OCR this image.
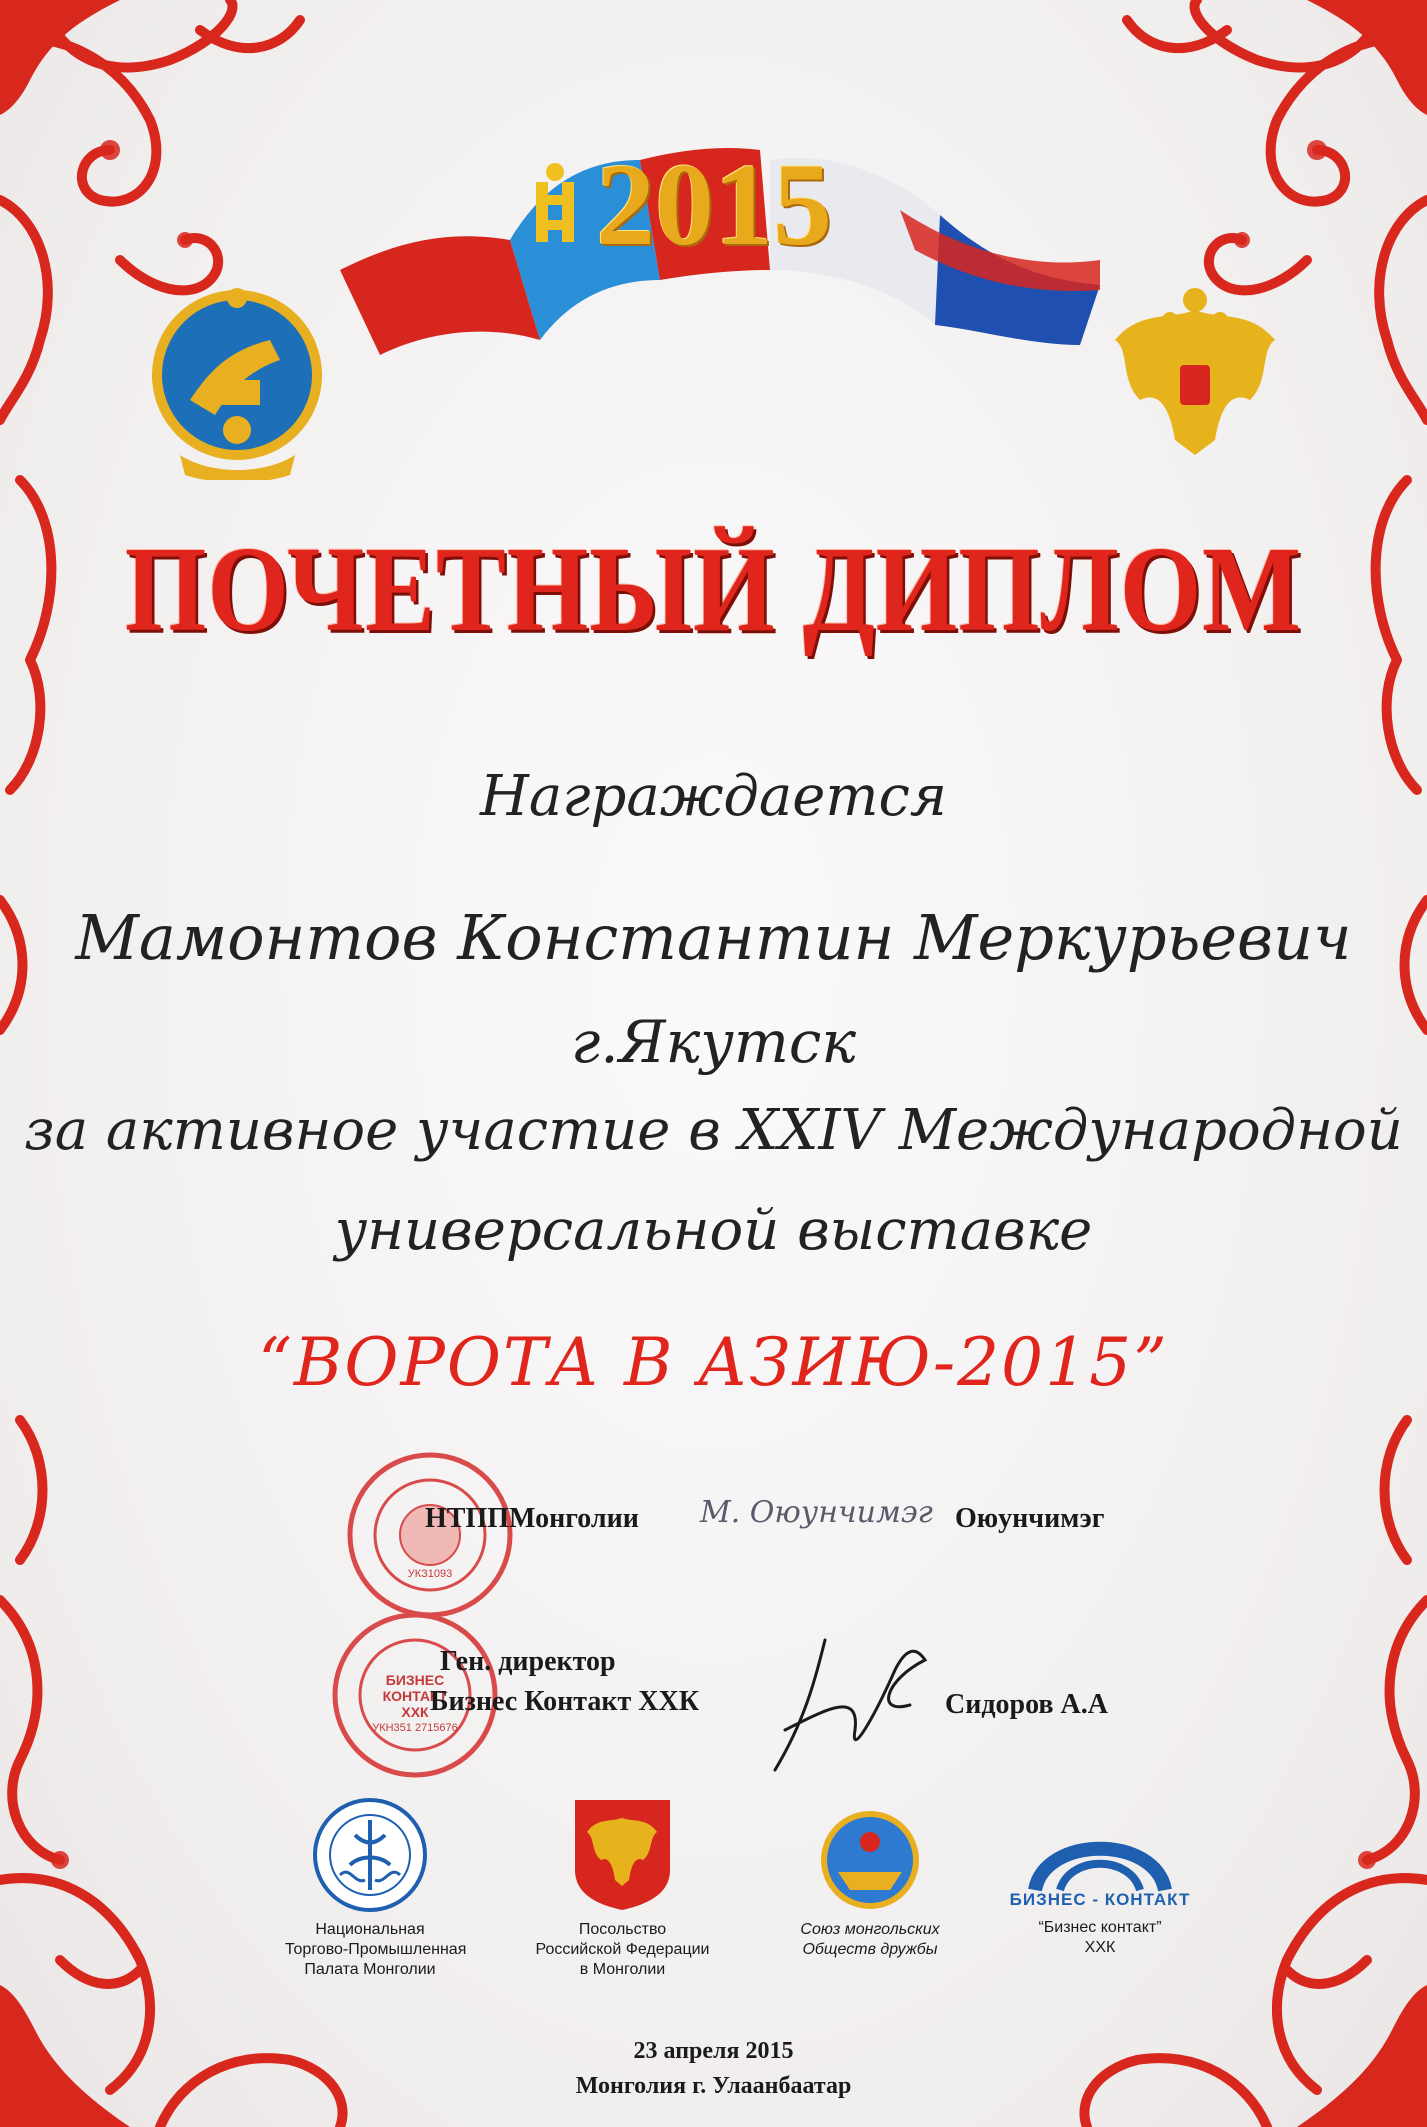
2015
ПОЧЕТНЫЙ ДИПЛОМ
Награждается
Мамонтов Константин Меркурьевич
г.Якутск
за активное участие в XXIV Международной
универсальной выставке
“ВОРОТА В АЗИЮ-2015”
УКЗ1093
БИЗНЕС КОНТАКТ ХХК
УКН351 2715676
НТППМонголии М. Оюунчимэг Оюунчимэг
Ген. директор
Бизнес Контакт ХХК	Сидоров А.А
Национальная
Торгово-Промышленная
Палата Монголии
Посольство
Российской Федерации
в Монголии
Союз монгольских
Обществ дружбы
БИЗНЕС - КОНТАКТ
“Бизнес контакт”
ХХК
23 апреля 2015
Монголия г. Улаанбаатар
